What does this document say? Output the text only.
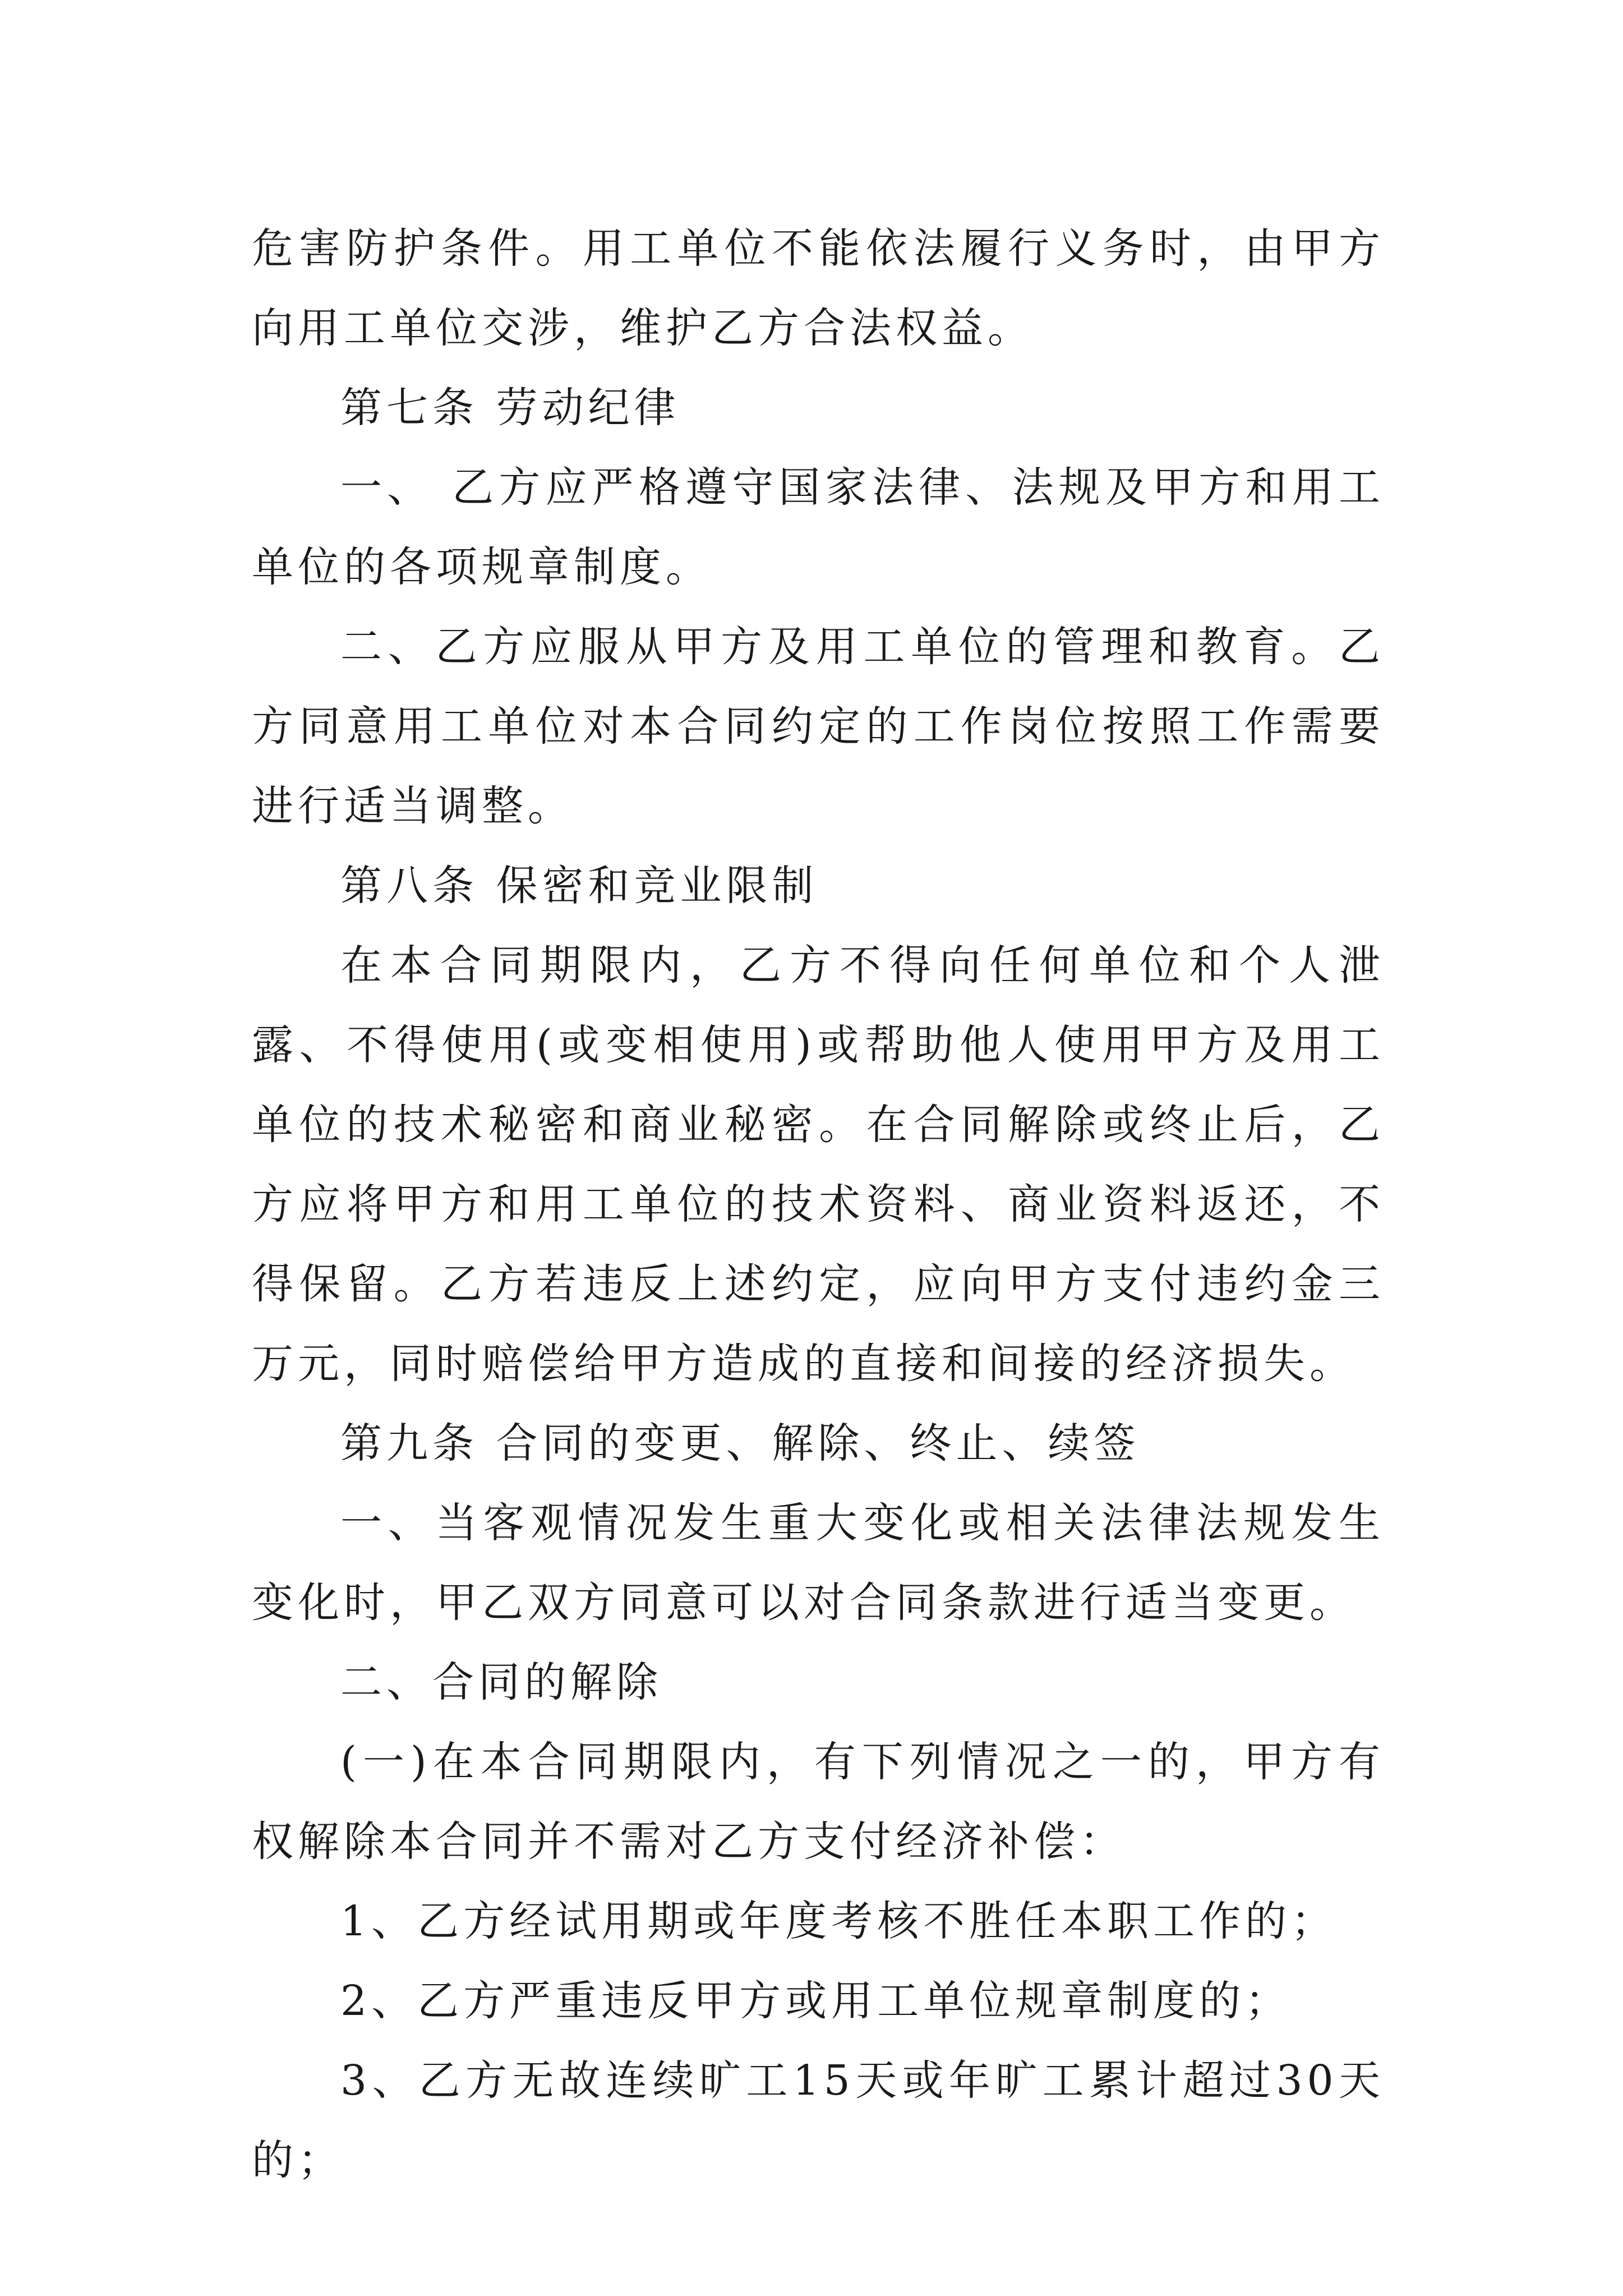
危害防护条件。用工单位不能依法履行义务时，由甲方向用工单位交涉，维护乙方合法权益。

第七条 劳动纪律

一、 乙方应严格遵守国家法律、法规及甲方和用工单位的各项规章制度。

二、乙方应服从甲方及用工单位的管理和教育。乙方同意用工单位对本合同约定的工作岗位按照工作需要进行适当调整。

第八条 保密和竞业限制

在本合同期限内，乙方不得向任何单位和个人泄露、不得使用(或变相使用)或帮助他人使用甲方及用工单位的技术秘密和商业秘密。在合同解除或终止后，乙方应将甲方和用工单位的技术资料、商业资料返还，不得保留。乙方若违反上述约定，应向甲方支付违约金三万元，同时赔偿给甲方造成的直接和间接的经济损失。

第九条 合同的变更、解除、终止、续签

一、当客观情况发生重大变化或相关法律法规发生变化时，甲乙双方同意可以对合同条款进行适当变更。

二、合同的解除

(一)在本合同期限内，有下列情况之一的，甲方有权解除本合同并不需对乙方支付经济补偿：

1、乙方经试用期或年度考核不胜任本职工作的；

2、乙方严重违反甲方或用工单位规章制度的；

3、乙方无故连续旷工15天或年旷工累计超过30天的；
